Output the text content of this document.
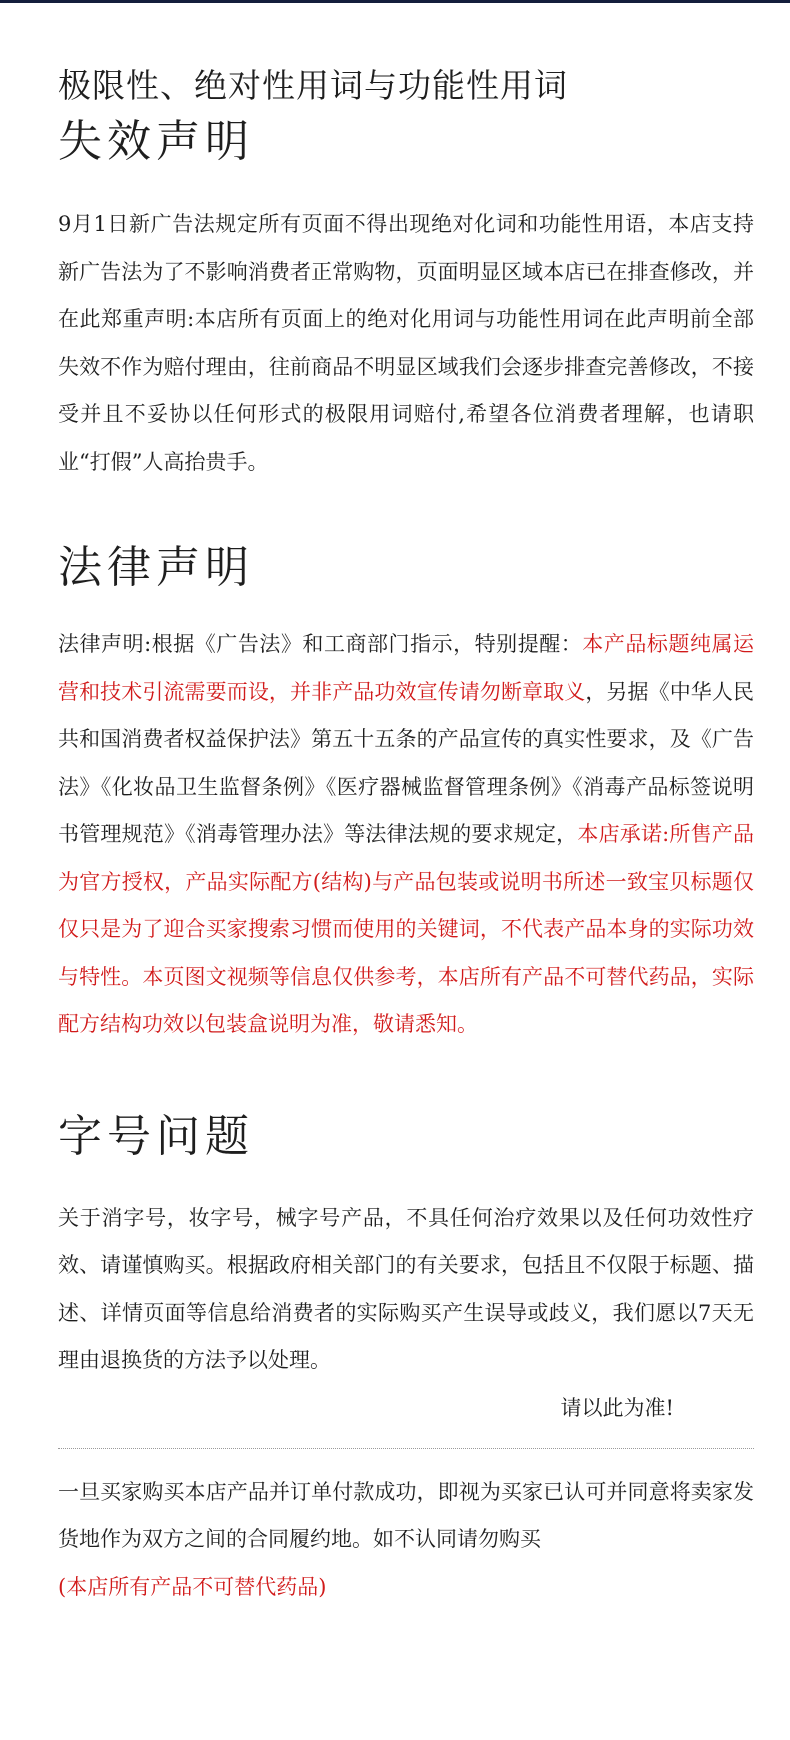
极限性、绝对性用词与功能性用词
失效声明

9月1日新广告法规定所有页面不得出现绝对化词和功能性用语，本店支持新广告法为了不影响消费者正常购物，页面明显区域本店已在排查修改，并在此郑重声明:本店所有页面上的绝对化用词与功能性用词在此声明前全部失效不作为赔付理由，往前商品不明显区域我们会逐步排查完善修改，不接受并且不妥协以任何形式的极限用词赔付,希望各位消费者理解，也请职业“打假”人高抬贵手。

法律声明

法律声明:根据《广告法》和工商部门指示，特别提醒：本产品标题纯属运营和技术引流需要而设，并非产品功效宣传请勿断章取义，另据《中华人民共和国消费者权益保护法》第五十五条的产品宣传的真实性要求，及《广告法》《化妆品卫生监督条例》《医疗器械监督管理条例》《消毒产品标签说明书管理规范》《消毒管理办法》等法律法规的要求规定，本店承诺:所售产品为官方授权，产品实际配方(结构)与产品包装或说明书所述一致宝贝标题仅仅只是为了迎合买家搜索习惯而使用的关键词，不代表产品本身的实际功效与特性。本页图文视频等信息仅供参考，本店所有产品不可替代药品，实际配方结构功效以包装盒说明为准，敬请悉知。

字号问题

关于消字号，妆字号，械字号产品，不具任何治疗效果以及任何功效性疗效、请谨慎购买。根据政府相关部门的有关要求，包括且不仅限于标题、描述、详情页面等信息给消费者的实际购买产生误导或歧义，我们愿以7天无理由退换货的方法予以处理。

请以此为准!

一旦买家购买本店产品并订单付款成功，即视为买家已认可并同意将卖家发货地作为双方之间的合同履约地。如不认同请勿购买
(本店所有产品不可替代药品)
